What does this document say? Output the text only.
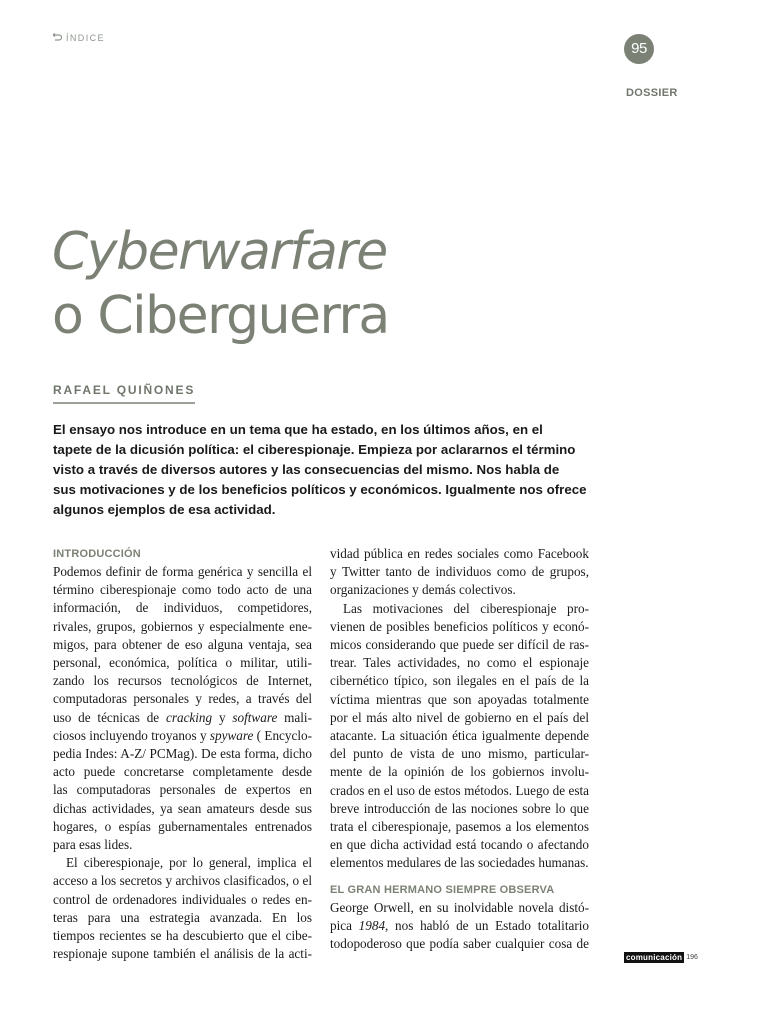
ÍNDICE
95
DOSSIER
Cyberwarfare
o Ciberguerra
RAFAEL QUIÑONES
El ensayo nos introduce en un tema que ha estado, en los últimos años, en el
tapete de la dicusión política: el ciberespionaje. Empieza por aclararnos el término
visto a través de diversos autores y las consecuencias del mismo. Nos habla de
sus motivaciones y de los beneficios políticos y económicos. Igualmente nos ofrece
algunos ejemplos de esa actividad.
INTRODUCCIÓN

Podemos definir de forma genérica y sencilla el
término ciberespionaje como todo acto de una
información, de individuos, competidores,
rivales, grupos, gobiernos y especialmente ene-
migos, para obtener de eso alguna ventaja, sea
personal, económica, política o militar, utili-
zando los recursos tecnológicos de Internet,
computadoras personales y redes, a través del
uso de técnicas de cracking y software mali-
ciosos incluyendo troyanos y spyware ( Encyclo-
pedia Indes: A-Z/ PCMag). De esta forma, dicho
acto puede concretarse completamente desde
las computadoras personales de expertos en
dichas actividades, ya sean amateurs desde sus
hogares, o espías gubernamentales entrenados
para esas lides.

El ciberespionaje, por lo general, implica el
acceso a los secretos y archivos clasificados, o el
control de ordenadores individuales o redes en-
teras para una estrategia avanzada. En los
tiempos recientes se ha descubierto que el cibe-
respionaje supone también el análisis de la acti-

vidad pública en redes sociales como Facebook
y Twitter tanto de individuos como de grupos,
organizaciones y demás colectivos.

Las motivaciones del ciberespionaje pro-
vienen de posibles beneficios políticos y econó-
micos considerando que puede ser difícil de ras-
trear. Tales actividades, no como el espionaje
cibernético típico, son ilegales en el país de la
víctima mientras que son apoyadas totalmente
por el más alto nivel de gobierno en el país del
atacante. La situación ética igualmente depende
del punto de vista de uno mismo, particular-
mente de la opinión de los gobiernos involu-
crados en el uso de estos métodos. Luego de esta
breve introducción de las nociones sobre lo que
trata el ciberespionaje, pasemos a los elementos
en que dicha actividad está tocando o afectando
elementos medulares de las sociedades humanas.

EL GRAN HERMANO SIEMPRE OBSERVA

George Orwell, en su inolvidable novela distó-
pica 1984, nos habló de un Estado totalitario
todopoderoso que podía saber cualquier cosa de

comunicación 196
